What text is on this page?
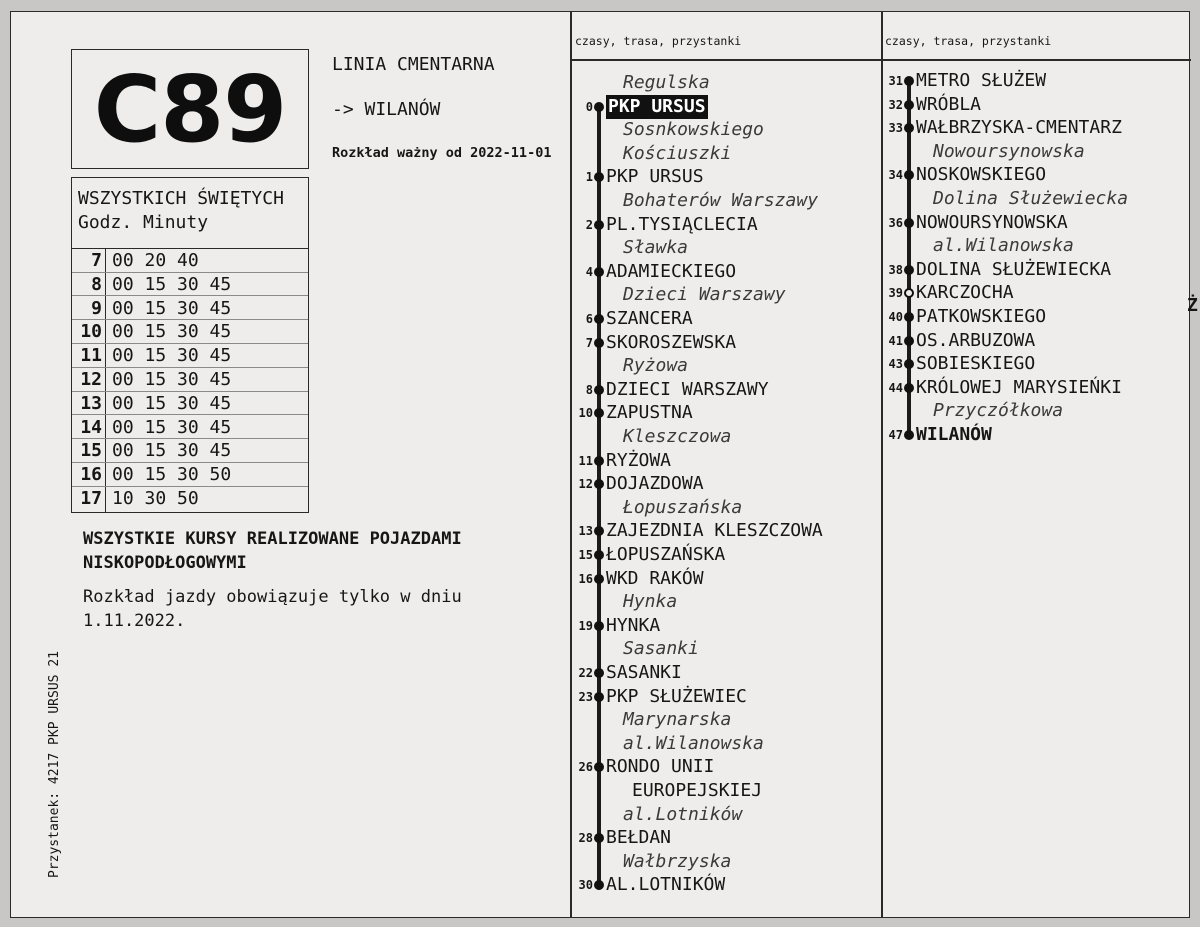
C89	LINIA CMENTARNA
-> WILANÓW
Rozkład ważny od 2022-11-01
WSZYSTKICH ŚWIĘTYCH
Godz. Minuty
7 00 20 40
8 00 15 30 45
9 00 15 30 45
10 00 15 30 45
11 00 15 30 45
12 00 15 30 45
13 00 15 30 45
14 00 15 30 45
15 00 15 30 45
16 00 15 30 50
17 10 30 50
WSZYSTKIE KURSY REALIZOWANE POJAZDAMI NISKOPODŁOGOWYMI
Rozkład jazdy obowiązuje tylko w dniu 1.11.2022.
Przystanek: 4217 PKP URSUS 21
czasy, trasa, przystanki	czasy, trasa, przystanki
Regulska
0 PKP URSUS
Sosnkowskiego
Kościuszki
1 PKP URSUS
Bohaterów Warszawy
2 PL.TYSIĄCLECIA
Sławka
4 ADAMIECKIEGO
Dzieci Warszawy
6 SZANCERA
7 SKOROSZEWSKA
Ryżowa
8 DZIECI WARSZAWY
10 ZAPUSTNA
Kleszczowa
11 RYŻOWA
12 DOJAZDOWA
Łopuszańska
13 ZAJEZDNIA KLESZCZOWA
15 ŁOPUSZAŃSKA
16 WKD RAKÓW
Hynka
19 HYNKA
Sasanki
22 SASANKI
23 PKP SŁUŻEWIEC
Marynarska
al.Wilanowska
26 RONDO UNII
EUROPEJSKIEJ
al.Lotników
28 BEŁDAN
Wałbrzyska
30 AL.LOTNIKÓW
31 METRO SŁUŻEW
32 WRÓBLA
33 WAŁBRZYSKA-CMENTARZ
Nowoursynowska
34 NOSKOWSKIEGO
Dolina Służewiecka
36 NOWOURSYNOWSKA
al.Wilanowska
38 DOLINA SŁUŻEWIECKA
39 KARCZOCHA
40 PATKOWSKIEGO
41 OS.ARBUZOWA
43 SOBIESKIEGO
44 KRÓLOWEJ MARYSIEŃKI
Przyczółkowa
47 WILANÓW
Ż
